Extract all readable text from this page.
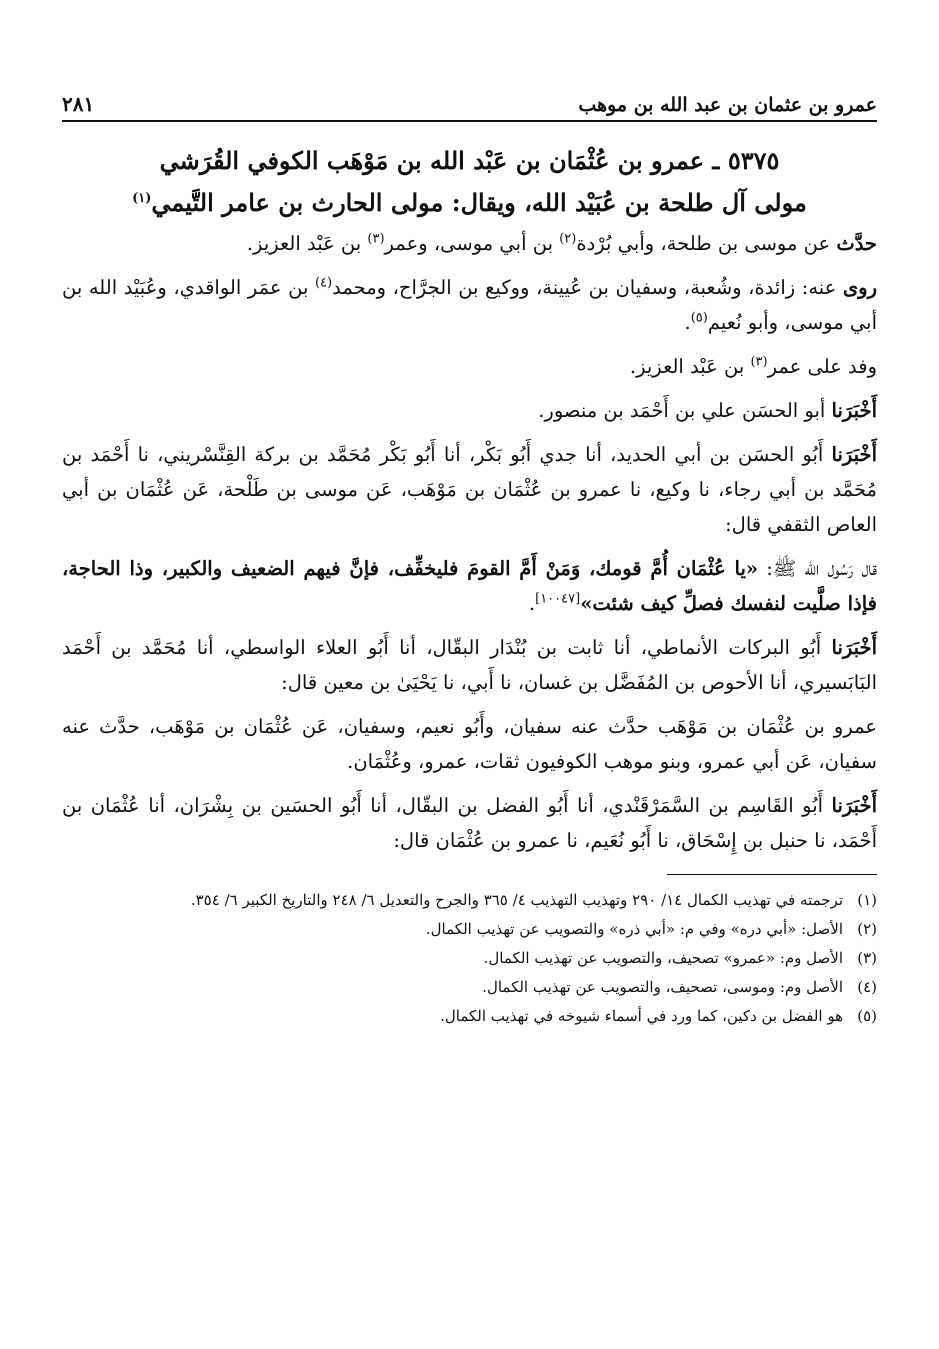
عمرو بن عثمان بن عبد الله بن موهب
٢٨١
٥٣٧٥ ـ عمرو بن عُثْمَان بن عَبْد الله بن مَوْهَب الكوفي القُرَشي
مولى آل طلحة بن عُبَيْد الله، ويقال: مولى الحارث بن عامر التَّيمي$^{(١)}$

حدَّث عن موسى بن طلحة، وأبي بُرْدة$^{(٢)}$ بن أبي موسى، وعمر$^{(٣)}$ بن عَبْد العزيز.

روى عنه: زائدة، وشُعبة، وسفيان بن عُيينة، ووكيع بن الجرَّاح، ومحمد$^{(٤)}$ بن عمَر الواقدي، وعُبَيْد الله بن أبي موسى، وأبو نُعيم$^{(٥)}$.

وفد على عمر$^{(٣)}$ بن عَبْد العزيز.

أَخْبَرَنا أبو الحسَن علي بن أَحْمَد بن منصور.

أَخْبَرَنا أَبُو الحسَن بن أبي الحديد، أنا جدي أَبُو بَكْر، أنا أَبُو بَكْر مُحَمَّد بن بركة القِنَّسْريني، نا أَحْمَد بن مُحَمَّد بن أبي رجاء، نا وكيع، نا عمرو بن عُثْمَان بن مَوْهَب، عَن موسى بن طَلْحة، عَن عُثْمَان بن أبي العاص الثقفي قال:

قال رَسُول الله ﷺ: «يا عُثْمَان أُمَّ قومك، وَمَنْ أَمَّ القومَ فليخفِّف، فإنَّ فيهم الضعيف والكبير، وذا الحاجة، فإذا صلَّيت لنفسك فصلِّ كيف شئت»[١٠٠٤٧].

أَخْبَرَنا أَبُو البركات الأنماطي، أنا ثابت بن بُنْدَار البقّال، أنا أَبُو العلاء الواسطي، أنا مُحَمَّد بن أَحْمَد البَابَسيري، أنا الأحوص بن المُفَضَّل بن غسان، نا أَبي، نا يَحْيَىٰ بن معين قال:

عمرو بن عُثْمَان بن مَوْهَب حدَّث عنه سفيان، وأَبُو نعيم، وسفيان، عَن عُثْمَان بن مَوْهَب، حدَّث عنه سفيان، عَن أبي عمرو، وبنو موهب الكوفيون ثقات، عمرو، وعُثْمَان.

أَخْبَرَنا أَبُو القَاسِم بن السَّمَرْقَنْدي، أنا أَبُو الفضل بن البقّال، أنا أَبُو الحسَين بن بِشْرَان، أنا عُثْمَان بن أَحْمَد، نا حنبل بن إِسْحَاق، نا أَبُو نُعَيم، نا عمرو بن عُثْمَان قال:

(١)
ترجمته في تهذيب الكمال ١٤/ ٢٩٠ وتهذيب التهذيب ٤/ ٣٦٥ والجرح والتعديل ٦/ ٢٤٨ والتاريخ الكبير ٦/ ٣٥٤.
(٢)
الأصل: «أبي دره» وفي م: «أبي ذره» والتصويب عن تهذيب الكمال.
(٣)
الأصل وم: «عمرو» تصحيف، والتصويب عن تهذيب الكمال.
(٤)
الأصل وم: وموسى، تصحيف، والتصويب عن تهذيب الكمال.
(٥)
هو الفضل بن دكين، كما ورد في أسماء شيوخه في تهذيب الكمال.
